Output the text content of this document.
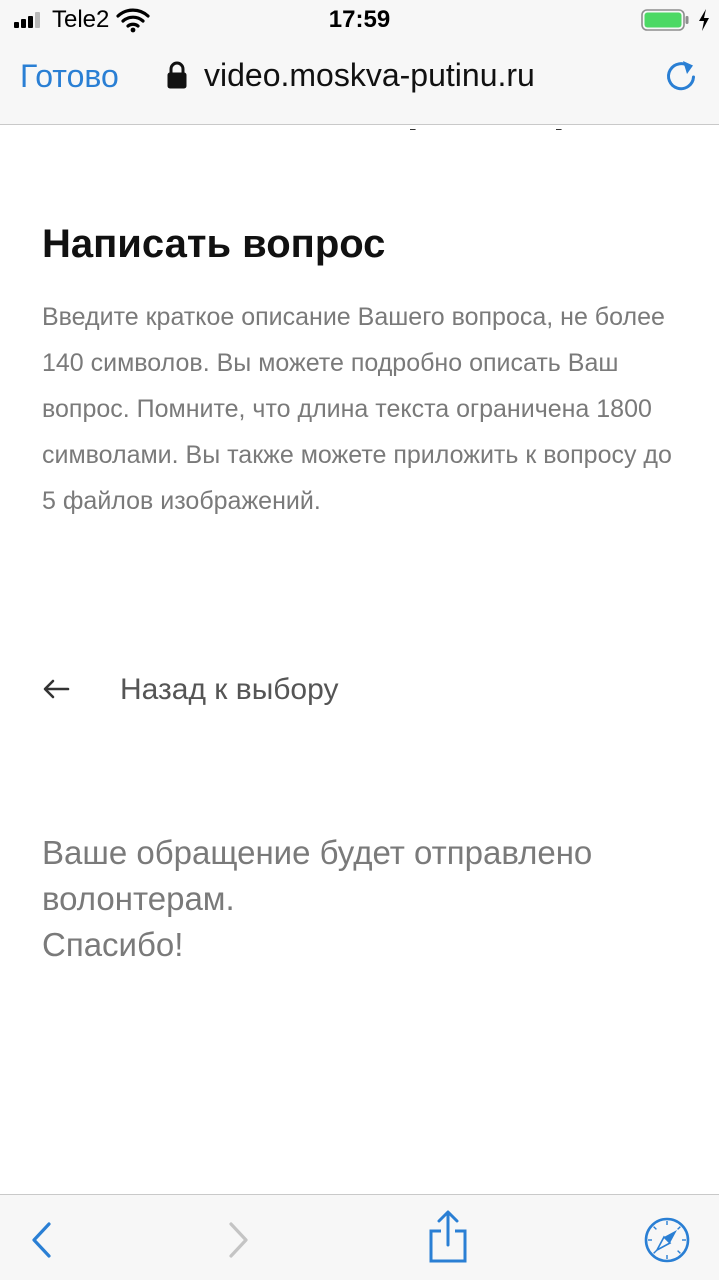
Tele2	17:59
Готово	video.moskva-putinu.ru

Написать вопрос

Введите краткое описание Вашего вопроса, не более 140 символов. Вы можете подробно описать Ваш вопрос. Помните, что длина текста ограничена 1800 символами. Вы также можете приложить к вопросу до 5 файлов изображений.

Назад к выбору
Ваше обращение будет отправлено
волонтерам.
Спасибо!
